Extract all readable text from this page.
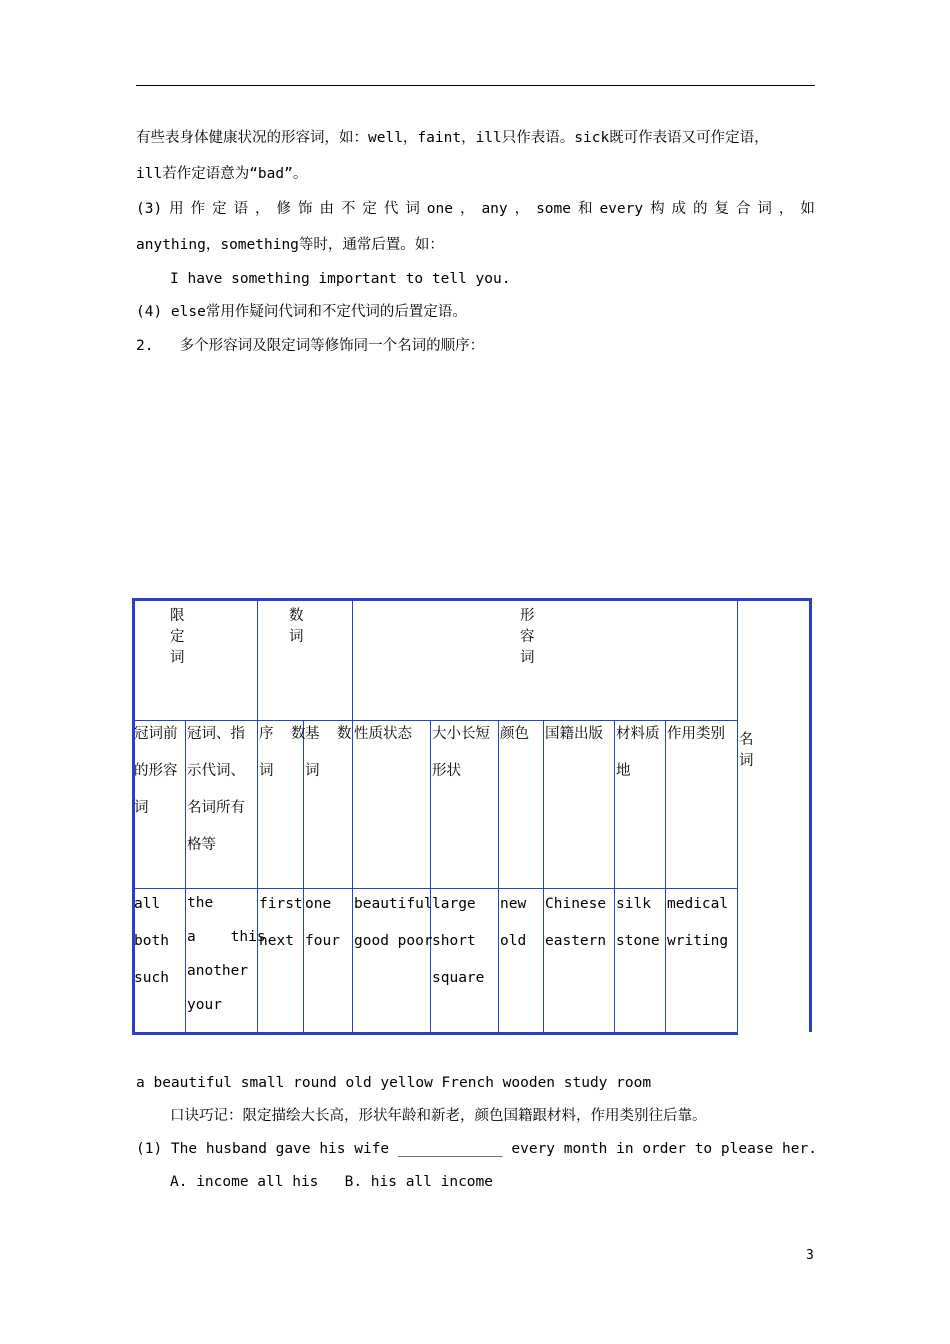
有些表身体健康状况的形容词，如：well，faint，ill只作表语。sick既可作表语又可作定语，
ill若作定语意为“bad”。
(3) 用 作 定 语 ， 修 饰 由 不 定 代 词 one ， any ， some 和 every 构 成 的 复 合 词 ， 如
anything，something等时，通常后置。如：
I have something important to tell you.
(4) else常用作疑问代词和不定代词的后置定语。
2.   多个形容词及限定词等修饰同一个名词的顺序：
限定词
数词
形容词
名词
冠词前
的形容
词
冠词、指
示代词、
名词所有
格等
序  数
词
基  数
词
性质状态 大小长短
形状
颜色 国籍出版 材料质
地
作用类别
all
both
such
the
a    this
another
your
first
next
one
four
beautiful
good poor
large
short
square
new
old
Chinese
eastern
silk
stone
medical
writing
a beautiful small round old yellow French wooden study room
口诀巧记：限定描绘大长高，形状年龄和新老，颜色国籍跟材料，作用类别往后靠。
(1) The husband gave his wife ____________ every month in order to please her.
A. income all his   B. his all income
3
